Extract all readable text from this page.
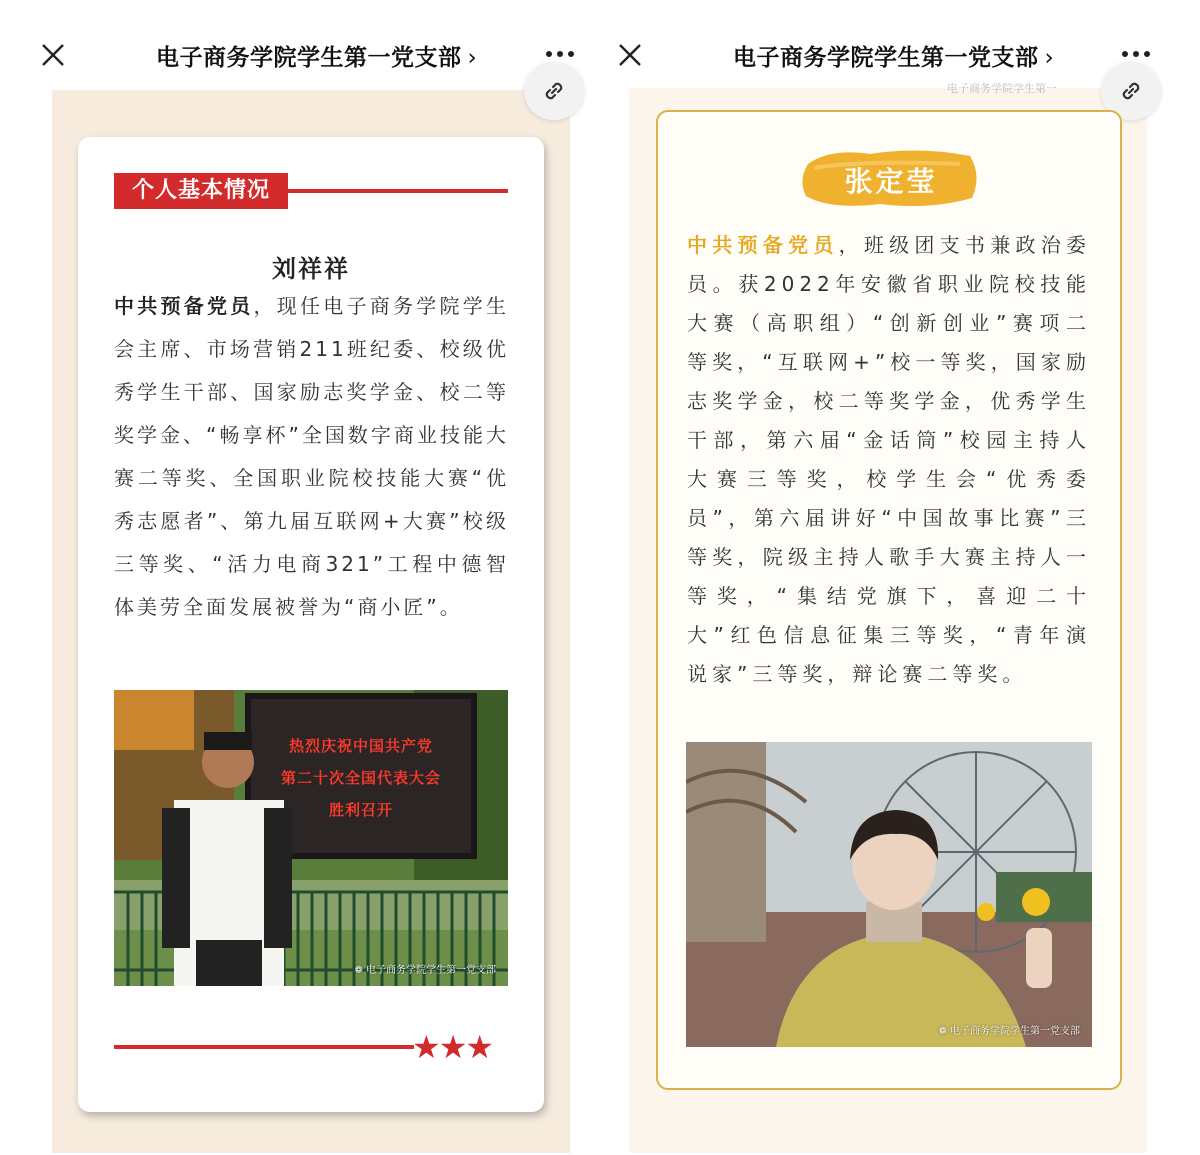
电子商务学院学生第一党支部 ›
个人基本情况
刘祥祥

中共预备党员，现任电子商务学院学生会主席、市场营销211班纪委、校级优秀学生干部、国家励志奖学金、校二等奖学金、“畅享杯”全国数字商业技能大赛二等奖、全国职业院校技能大赛“优秀志愿者”、第九届互联网+大赛”校级三等奖、“活力电商321”工程中德智体美劳全面发展被誉为“商小匠”。

热烈庆祝中国共产党
第二十次全国代表大会
胜利召开
❁ 电子商务学院学生第一党支部
★★★
电子商务学院学生第一党支部 ›
电子商务学院学生第一
张定莹

中共预备党员，班级团支书兼政治委员。获2022年安徽省职业院校技能大赛（高职组）“创新创业”赛项二等奖，“互联网+”校一等奖，国家励志奖学金，校二等奖学金，优秀学生干部，第六届“金话筒”校园主持人大赛三等奖，校学生会“优秀委员”，第六届讲好“中国故事比赛”三等奖，院级主持人歌手大赛主持人一等奖，“集结党旗下，喜迎二十大”红色信息征集三等奖，“青年演说家”三等奖，辩论赛二等奖。

❁ 电子商务学院学生第一党支部
